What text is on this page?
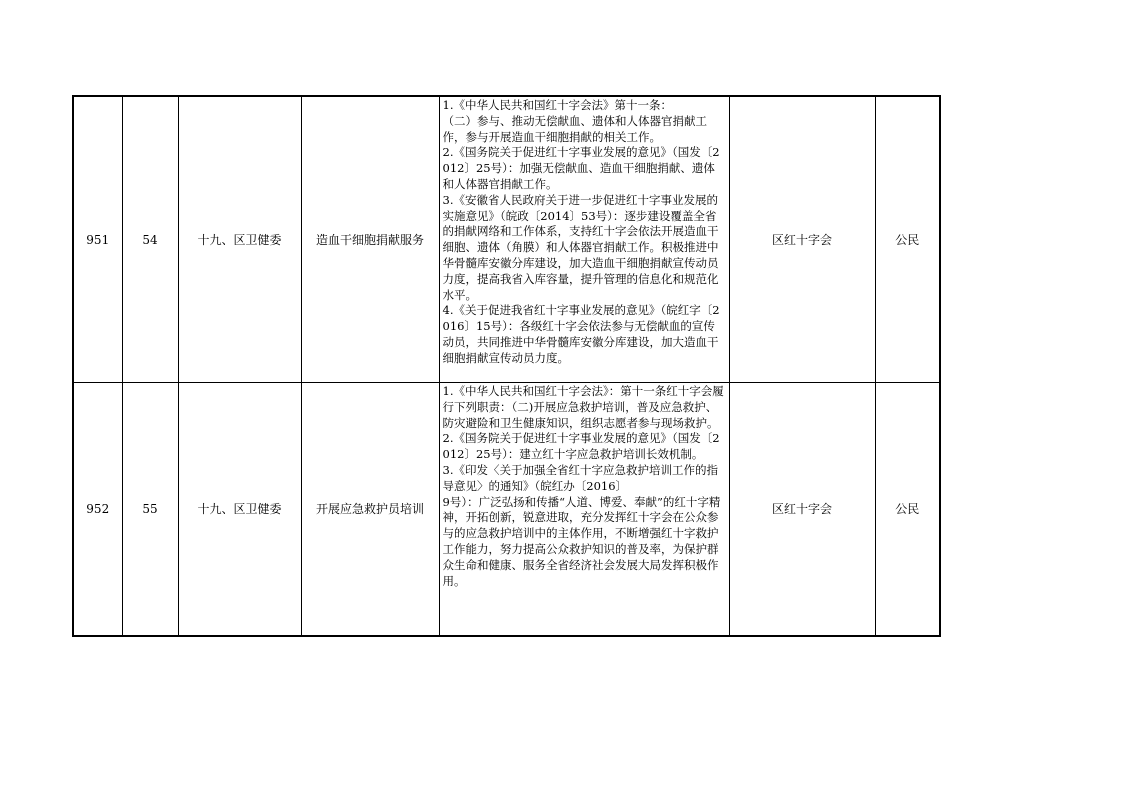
951	54	十九、区卫健委	造血干细胞捐献服务	1.《中华人民共和国红十字会法》第十一条：
（二）参与、推动无偿献血、遗体和人体器官捐献工作，参与开展造血干细胞捐献的相关工作。
2.《国务院关于促进红十字事业发展的意见》（国发〔2012〕25号）：加强无偿献血、造血干细胞捐献、遗体和人体器官捐献工作。
3.《安徽省人民政府关于进一步促进红十字事业发展的实施意见》（皖政〔2014〕53号）：逐步建设覆盖全省的捐献网络和工作体系，支持红十字会依法开展造血干细胞、遗体（角膜）和人体器官捐献工作。积极推进中华骨髓库安徽分库建设，加大造血干细胞捐献宣传动员力度，提高我省入库容量，提升管理的信息化和规范化水平。
4.《关于促进我省红十字事业发展的意见》（皖红字〔2016〕15号）：各级红十字会依法参与无偿献血的宣传动员，共同推进中华骨髓库安徽分库建设，加大造血干细胞捐献宣传动员力度。	区红十字会	公民
952	55	十九、区卫健委	开展应急救护员培训	1.《中华人民共和国红十字会法》：第十一条红十字会履行下列职责：（二)开展应急救护培训，普及应急救护、防灾避险和卫生健康知识，组织志愿者参与现场救护。
2.《国务院关于促进红十字事业发展的意见》（国发〔2012〕25号）：建立红十字应急救护培训长效机制。
3.《印发〈关于加强全省红十字应急救护培训工作的指导意见〉的通知》（皖红办〔2016〕
9号）：广泛弘扬和传播“人道、博爱、奉献”的红十字精神，开拓创新，锐意进取，充分发挥红十字会在公众参与的应急救护培训中的主体作用，不断增强红十字救护工作能力，努力提高公众救护知识的普及率，为保护群众生命和健康、服务全省经济社会发展大局发挥积极作用。	区红十字会	公民
